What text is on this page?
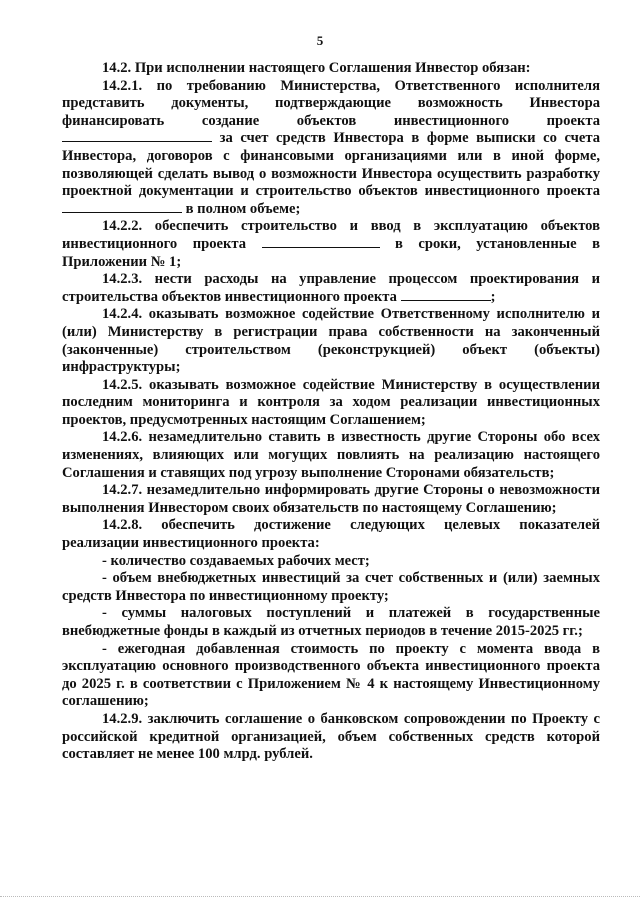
5

14.2. При исполнении настоящего Соглашения Инвестор обязан:

14.2.1. по требованию Министерства, Ответственного исполнителя представить документы, подтверждающие возможность Инвестора финансировать создание объектов инвестиционного проекта  за счет средств Инвестора в форме выписки со счета Инвестора, договоров с финансовыми организациями или в иной форме, позволяющей сделать вывод о возможности Инвестора осуществить разработку проектной документации и строительство объектов инвестиционного проекта  в полном объеме;

14.2.2. обеспечить строительство и ввод в эксплуатацию объектов инвестиционного проекта	в сроки, установленные в Приложении № 1;

14.2.3. нести расходы на управление процессом проектирования и строительства объектов инвестиционного проекта	;

14.2.4. оказывать возможное содействие Ответственному исполнителю и (или) Министерству в регистрации права собственности на законченный (законченные) строительством (реконструкцией) объект (объекты) инфраструктуры;

14.2.5. оказывать возможное содействие Министерству в осуществлении последним мониторинга и контроля за ходом реализации инвестиционных проектов, предусмотренных настоящим Соглашением;

14.2.6. незамедлительно ставить в известность другие Стороны обо всех изменениях, влияющих или могущих повлиять на реализацию настоящего Соглашения и ставящих под угрозу выполнение Сторонами обязательств;

14.2.7. незамедлительно информировать другие Стороны о невозможности выполнения Инвестором своих обязательств по настоящему Соглашению;

14.2.8. обеспечить достижение следующих целевых показателей реализации инвестиционного проекта:

- количество создаваемых рабочих мест;

- объем внебюджетных инвестиций за счет собственных и (или) заемных средств Инвестора по инвестиционному проекту;

- суммы налоговых поступлений и платежей в государственные внебюджетные фонды в каждый из отчетных периодов в течение 2015-2025 гг.;

- ежегодная добавленная стоимость по проекту с момента ввода в эксплуатацию основного производственного объекта инвестиционного проекта до 2025 г. в соответствии с Приложением № 4 к настоящему Инвестиционному соглашению;

14.2.9. заключить соглашение о банковском сопровождении по Проекту с российской кредитной организацией, объем собственных средств которой составляет не менее 100 млрд. рублей.
